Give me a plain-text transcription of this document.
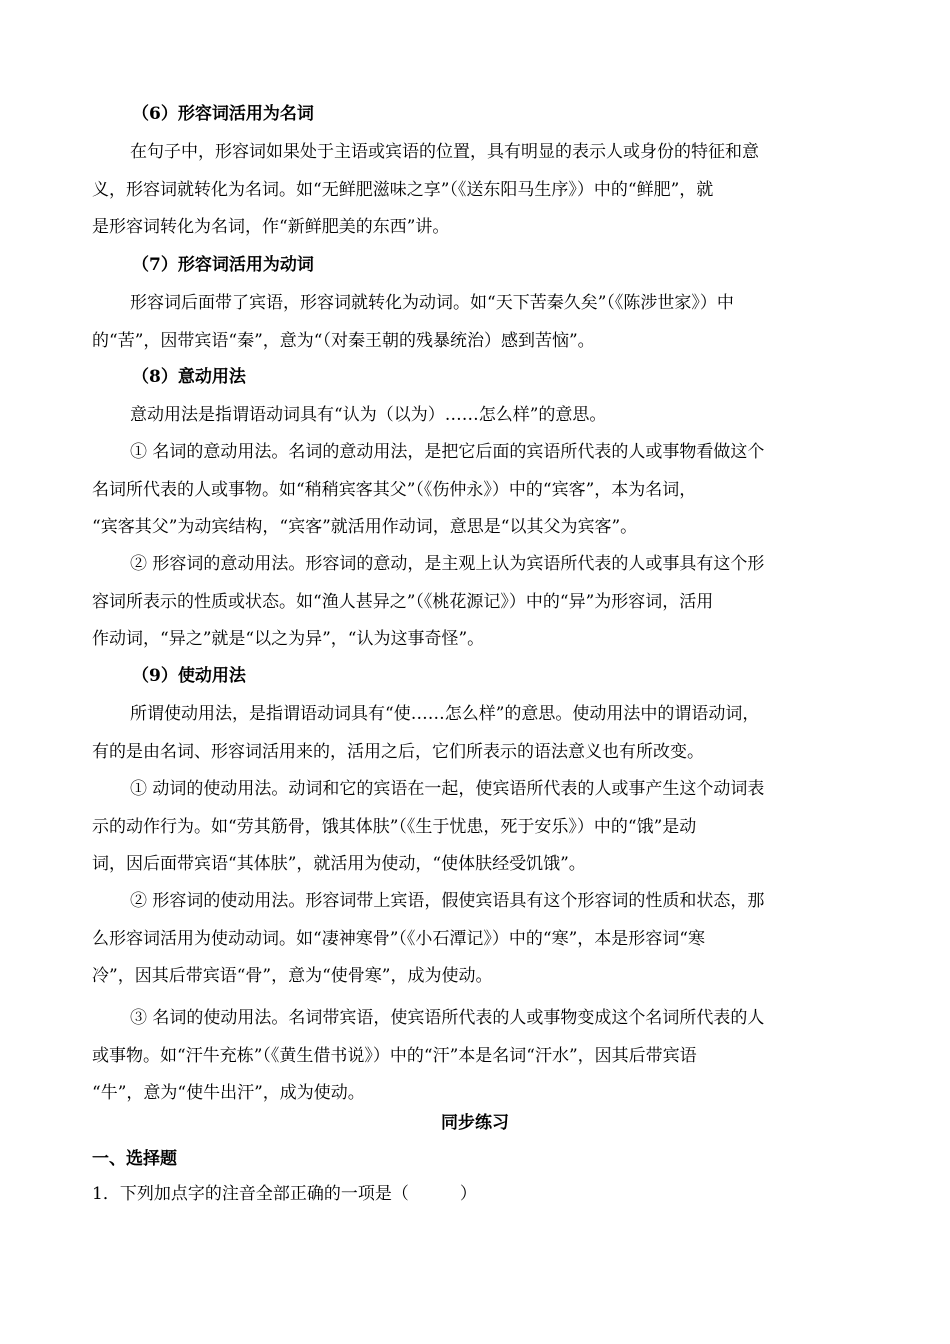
（6）形容词活用为名词
在句子中，形容词如果处于主语或宾语的位置，具有明显的表示人或身份的特征和意
义，形容词就转化为名词。如“无鲜肥滋味之享”（《送东阳马生序》）中的“鲜肥”，就
是形容词转化为名词，作“新鲜肥美的东西”讲。
（7）形容词活用为动词
形容词后面带了宾语，形容词就转化为动词。如“天下苦秦久矣”（《陈涉世家》）中
的“苦”，因带宾语“秦”，意为“（对秦王朝的残暴统治）感到苦恼”。
（8）意动用法
意动用法是指谓语动词具有“认为（以为）……怎么样”的意思。
① 名词的意动用法。名词的意动用法，是把它后面的宾语所代表的人或事物看做这个
名词所代表的人或事物。如“稍稍宾客其父”（《伤仲永》）中的“宾客”，本为名词，
“宾客其父”为动宾结构，“宾客”就活用作动词，意思是“以其父为宾客”。
② 形容词的意动用法。形容词的意动，是主观上认为宾语所代表的人或事具有这个形
容词所表示的性质或状态。如“渔人甚异之”（《桃花源记》）中的“异”为形容词，活用
作动词，“异之”就是“以之为异”，“认为这事奇怪”。
（9）使动用法
所谓使动用法，是指谓语动词具有“使……怎么样”的意思。使动用法中的谓语动词，
有的是由名词、形容词活用来的，活用之后，它们所表示的语法意义也有所改变。
① 动词的使动用法。动词和它的宾语在一起，使宾语所代表的人或事产生这个动词表
示的动作行为。如“劳其筋骨，饿其体肤”（《生于忧患，死于安乐》）中的“饿”是动
词，因后面带宾语“其体肤”，就活用为使动，“使体肤经受饥饿”。
② 形容词的使动用法。形容词带上宾语，假使宾语具有这个形容词的性质和状态，那
么形容词活用为使动动词。如“凄神寒骨”（《小石潭记》）中的“寒”，本是形容词“寒
冷”，因其后带宾语“骨”，意为“使骨寒”，成为使动。
③ 名词的使动用法。名词带宾语，使宾语所代表的人或事物变成这个名词所代表的人
或事物。如“汗牛充栋”（《黄生借书说》）中的“汗”本是名词“汗水”，因其后带宾语
“牛”，意为“使牛出汗”，成为使动。
同步练习
一、选择题
1．下列加点字的注音全部正确的一项是（　　　）
